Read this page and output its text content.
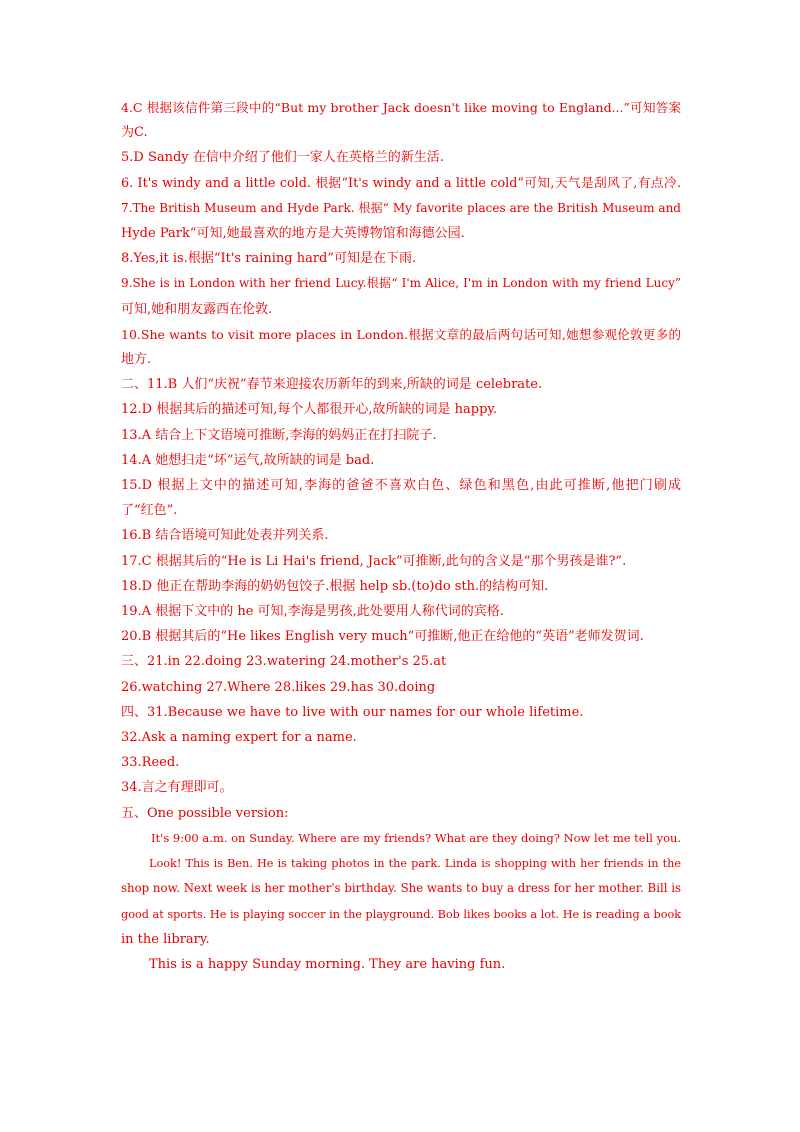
4.C 根据该信件第三段中的“But my brother Jack doesn't like moving to England...”可知答案
为C.
5.D Sandy 在信中介绍了他们一家人在英格兰的新生活.
6. It's windy and a little cold. 根据“It's windy and a little cold”可知,天气是刮风了,有点冷.
7.The British Museum and Hyde Park. 根据“ My favorite places are the British Museum and
Hyde Park”可知,她最喜欢的地方是大英博物馆和海德公园.
8.Yes,it is.根据“It's raining hard”可知是在下雨.
9.She is in London with her friend Lucy.根据“ I'm Alice, I'm in London with my friend Lucy”
可知,她和朋友露西在伦敦.
10.She wants to visit more places in London.根据文章的最后两句话可知,她想参观伦敦更多的
地方.
二、11.B 人们“庆祝”春节来迎接农历新年的到来,所缺的词是 celebrate.
12.D 根据其后的描述可知,每个人都很开心,故所缺的词是 happy.
13.A 结合上下文语境可推断,李海的妈妈正在打扫院子.
14.A 她想扫走“坏”运气,故所缺的词是 bad.
15.D 根据上文中的描述可知,李海的爸爸不喜欢白色、绿色和黑色,由此可推断,他把门刷成
了“红色”.
16.B 结合语境可知此处表并列关系.
17.C 根据其后的“He is Li Hai's friend, Jack”可推断,此句的含义是“那个男孩是谁?”.
18.D 他正在帮助李海的奶奶包饺子.根据 help sb.(to)do sth.的结构可知.
19.A 根据下文中的 he 可知,李海是男孩,此处要用人称代词的宾格.
20.B 根据其后的“He likes English very much”可推断,他正在给他的“英语”老师发贺词.
三、21.in 22.doing 23.watering 24.mother's 25.at
26.watching 27.Where 28.likes 29.has 30.doing
四、31.Because we have to live with our names for our whole lifetime.
32.Ask a naming expert for a name.
33.Reed.
34.言之有理即可。
五、One possible version:
It's 9:00 a.m. on Sunday. Where are my friends? What are they doing? Now let me tell you.
Look! This is Ben. He is taking photos in the park. Linda is shopping with her friends in the
shop now. Next week is her mother's birthday. She wants to buy a dress for her mother. Bill is
good at sports. He is playing soccer in the playground. Bob likes books a lot. He is reading a book
in the library.
This is a happy Sunday morning. They are having fun.
